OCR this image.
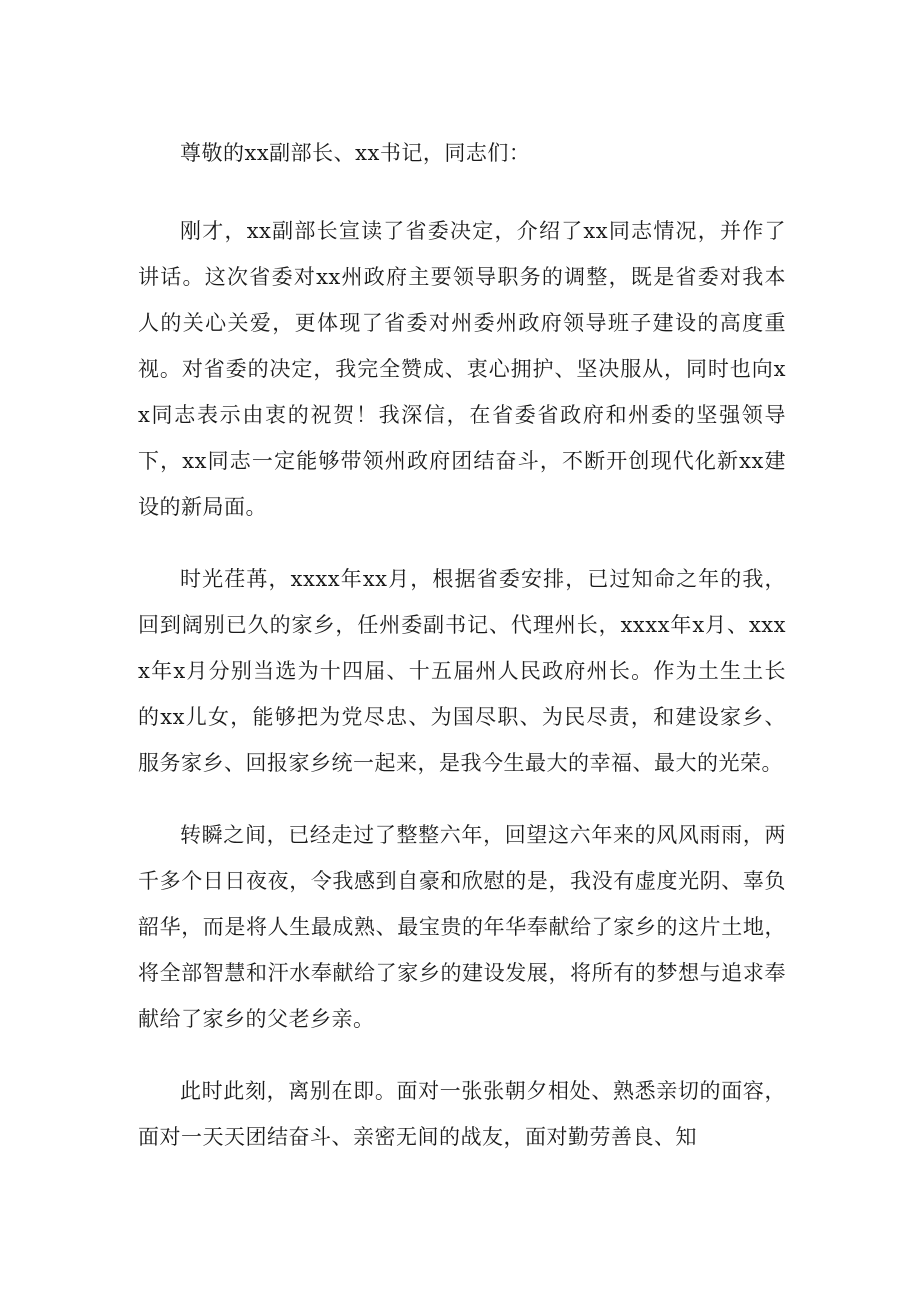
尊敬的xx副部长、xx书记，同志们：

刚才，xx副部长宣读了省委决定，介绍了xx同志情况，并作了讲话。这次省委对xx州政府主要领导职务的调整，既是省委对我本人的关心关爱，更体现了省委对州委州政府领导班子建设的高度重视。对省委的决定，我完全赞成、衷心拥护、坚决服从，同时也向xx同志表示由衷的祝贺！我深信，在省委省政府和州委的坚强领导下，xx同志一定能够带领州政府团结奋斗，不断开创现代化新xx建设的新局面。

时光荏苒，xxxx年xx月，根据省委安排，已过知命之年的我，回到阔别已久的家乡，任州委副书记、代理州长，xxxx年x月、xxxx年x月分别当选为十四届、十五届州人民政府州长。作为土生土长的xx儿女，能够把为党尽忠、为国尽职、为民尽责，和建设家乡、服务家乡、回报家乡统一起来，是我今生最大的幸福、最大的光荣。

转瞬之间，已经走过了整整六年，回望这六年来的风风雨雨，两千多个日日夜夜，令我感到自豪和欣慰的是，我没有虚度光阴、辜负韶华，而是将人生最成熟、最宝贵的年华奉献给了家乡的这片土地，将全部智慧和汗水奉献给了家乡的建设发展，将所有的梦想与追求奉献给了家乡的父老乡亲。

此时此刻，离别在即。面对一张张朝夕相处、熟悉亲切的面容，面对一天天团结奋斗、亲密无间的战友，面对勤劳善良、知
